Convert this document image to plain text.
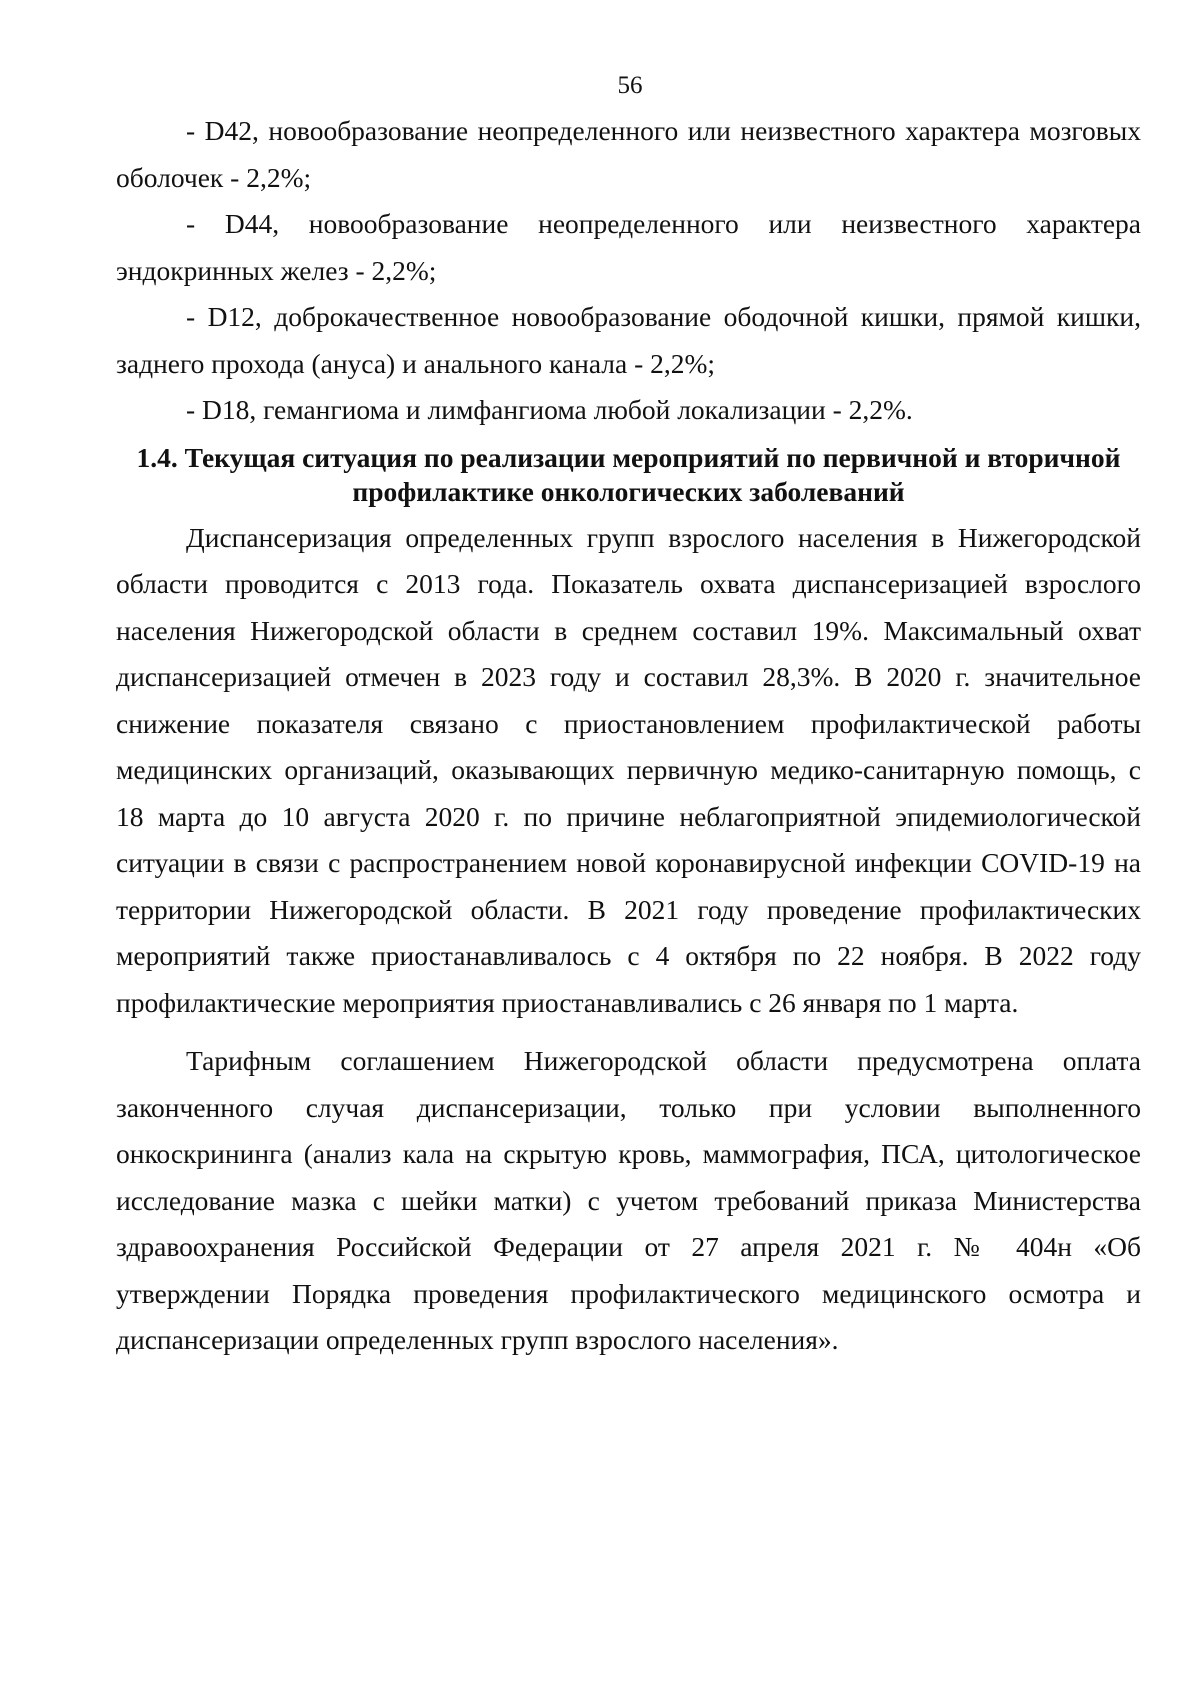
56

- D42, новообразование неопределенного или неизвестного характера мозговых оболочек - 2,2%;

- D44, новообразование неопределенного или неизвестного характера эндокринных желез - 2,2%;

- D12, доброкачественное новообразование ободочной кишки, прямой кишки, заднего прохода (ануса) и анального канала - 2,2%;

- D18, гемангиома и лимфангиома любой локализации - 2,2%.

1.4. Текущая ситуация по реализации мероприятий по первичной и вторичной профилактике онкологических заболеваний

Диспансеризация определенных групп взрослого населения в Нижегородской области проводится с 2013 года. Показатель охвата диспансеризацией взрослого населения Нижегородской области в среднем составил 19%. Максимальный охват диспансеризацией отмечен в 2023 году и составил 28,3%. В 2020 г. значительное снижение показателя связано с приостановлением профилактической работы медицинских организаций, оказывающих первичную медико-санитарную помощь, с 18 марта до 10 августа 2020 г. по причине неблагоприятной эпидемиологической ситуации в связи с распространением новой коронавирусной инфекции COVID-19 на территории Нижегородской области. В 2021 году проведение профилактических мероприятий также приостанавливалось с 4 октября по 22 ноября. В 2022 году профилактические мероприятия приостанавливались с 26 января по 1 марта.

Тарифным соглашением Нижегородской области предусмотрена оплата законченного случая диспансеризации, только при условии выполненного онкоскрининга (анализ кала на скрытую кровь, маммография, ПСА, цитологическое исследование мазка с шейки матки) с учетом требований приказа Министерства здравоохранения Российской Федерации от 27 апреля 2021 г. № 404н «Об утверждении Порядка проведения профилактического медицинского осмотра и диспансеризации определенных групп взрослого населения».
